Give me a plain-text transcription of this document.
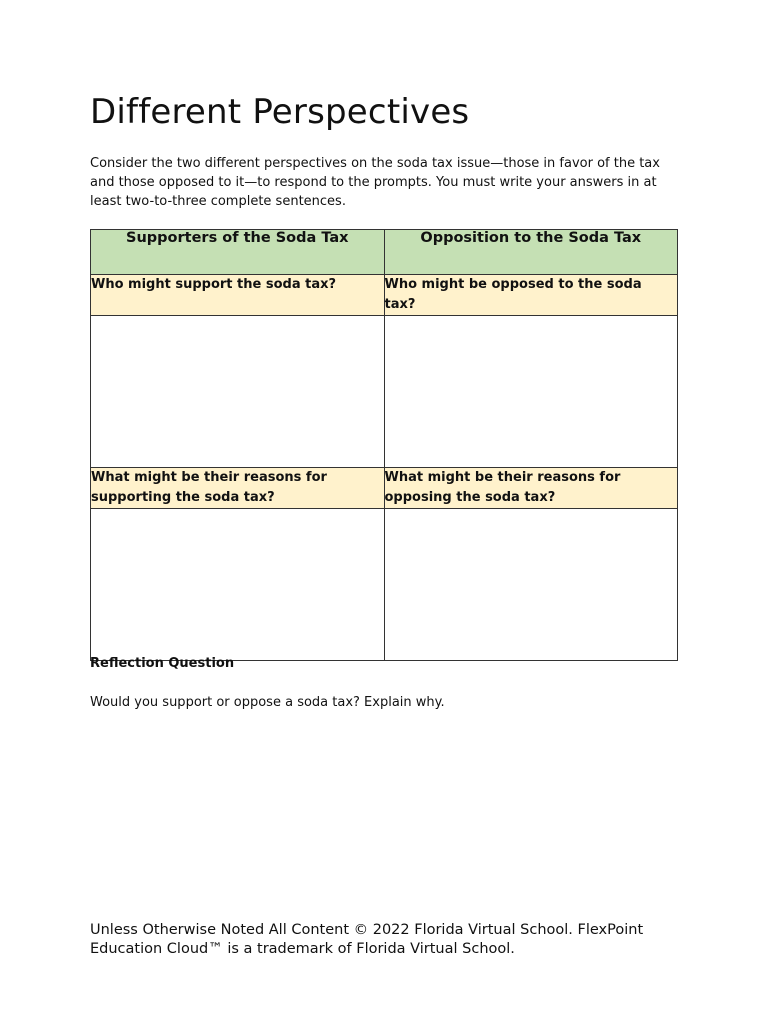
Different Perspectives

Consider the two different perspectives on the soda tax issue—those in favor of the tax and those opposed to it—to respond to the prompts. You must write your answers in at least two-to-three complete sentences.

Supporters of the Soda Tax	Opposition to the Soda Tax
Who might support the soda tax?	Who might be opposed to the soda tax?

What might be their reasons for supporting the soda tax?	What might be their reasons for opposing the soda tax?

Reflection Question

Would you support or oppose a soda tax? Explain why.

Unless Otherwise Noted All Content © 2022 Florida Virtual School. FlexPoint Education Cloud™ is a trademark of Florida Virtual School.
